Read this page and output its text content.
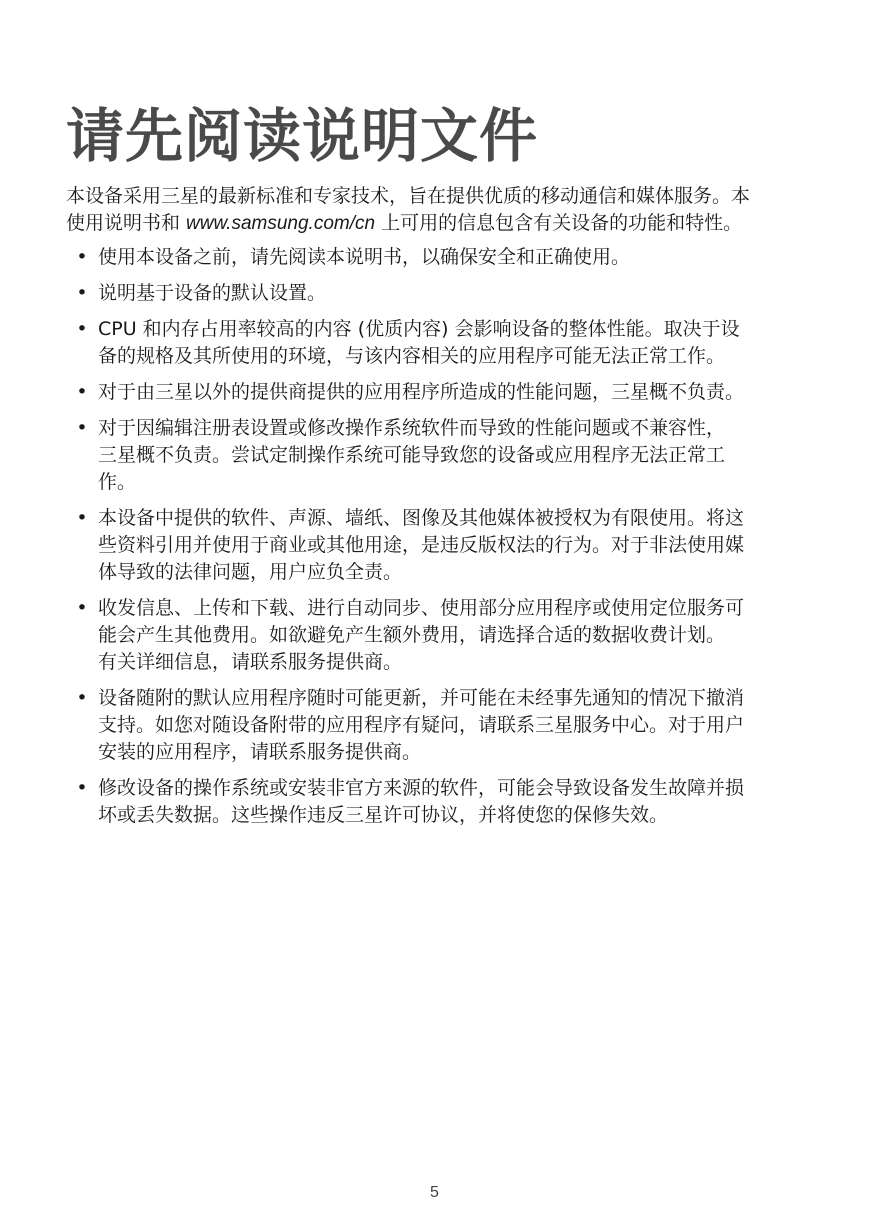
请先阅读说明文件

本设备采用三星的最新标准和专家技术，旨在提供优质的移动通信和媒体服务。本
使用说明书和 www.samsung.com/cn 上可用的信息包含有关设备的功能和特性。

• 使用本设备之前，请先阅读本说明书，以确保安全和正确使用。
• 说明基于设备的默认设置。
• CPU 和内存占用率较高的内容 (优质内容) 会影响设备的整体性能。取决于设
备的规格及其所使用的环境，与该内容相关的应用程序可能无法正常工作。
• 对于由三星以外的提供商提供的应用程序所造成的性能问题，三星概不负责。
• 对于因编辑注册表设置或修改操作系统软件而导致的性能问题或不兼容性，
三星概不负责。尝试定制操作系统可能导致您的设备或应用程序无法正常工
作。
• 本设备中提供的软件、声源、墙纸、图像及其他媒体被授权为有限使用。将这
些资料引用并使用于商业或其他用途，是违反版权法的行为。对于非法使用媒
体导致的法律问题，用户应负全责。
• 收发信息、上传和下载、进行自动同步、使用部分应用程序或使用定位服务可
能会产生其他费用。如欲避免产生额外费用，请选择合适的数据收费计划。
有关详细信息，请联系服务提供商。
• 设备随附的默认应用程序随时可能更新，并可能在未经事先通知的情况下撤消
支持。如您对随设备附带的应用程序有疑问，请联系三星服务中心。对于用户
安装的应用程序，请联系服务提供商。
• 修改设备的操作系统或安装非官方来源的软件，可能会导致设备发生故障并损
坏或丢失数据。这些操作违反三星许可协议，并将使您的保修失效。
5
